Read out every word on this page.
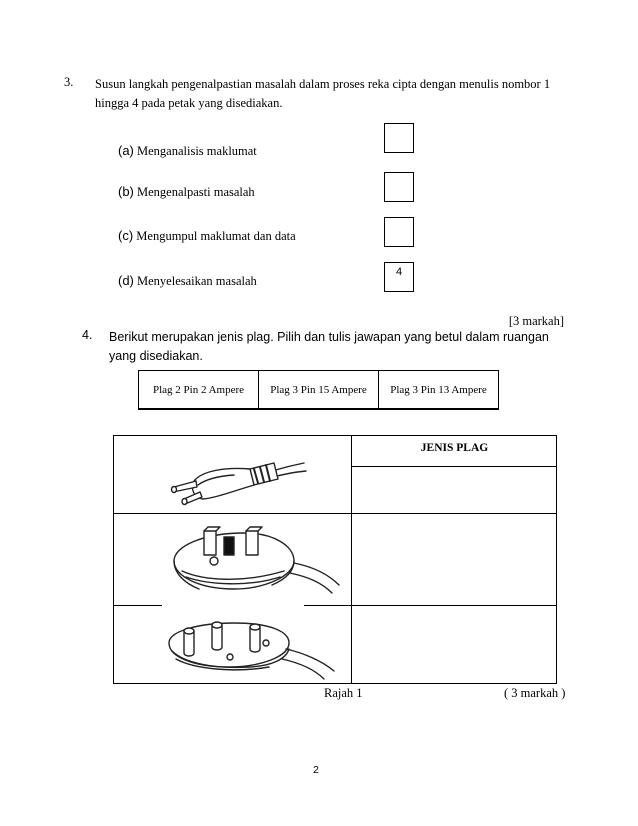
3. Susun langkah pengenalpastian masalah dalam proses reka cipta dengan menulis nombor 1 hingga 4 pada petak yang disediakan.
(a) Menganalisis maklumat
(b) Mengenalpasti masalah
(c) Mengumpul maklumat dan data
(d) Menyelesaikan masalah
4
[3 markah]
4. Berikut merupakan jenis plag. Pilih dan tulis jawapan yang betul dalam ruangan yang disediakan.
Plag 2 Pin 2 Ampere	Plag 3 Pin 15 Ampere	Plag 3 Pin 13 Ampere
JENIS PLAG
Rajah 1	( 3 markah )
2
